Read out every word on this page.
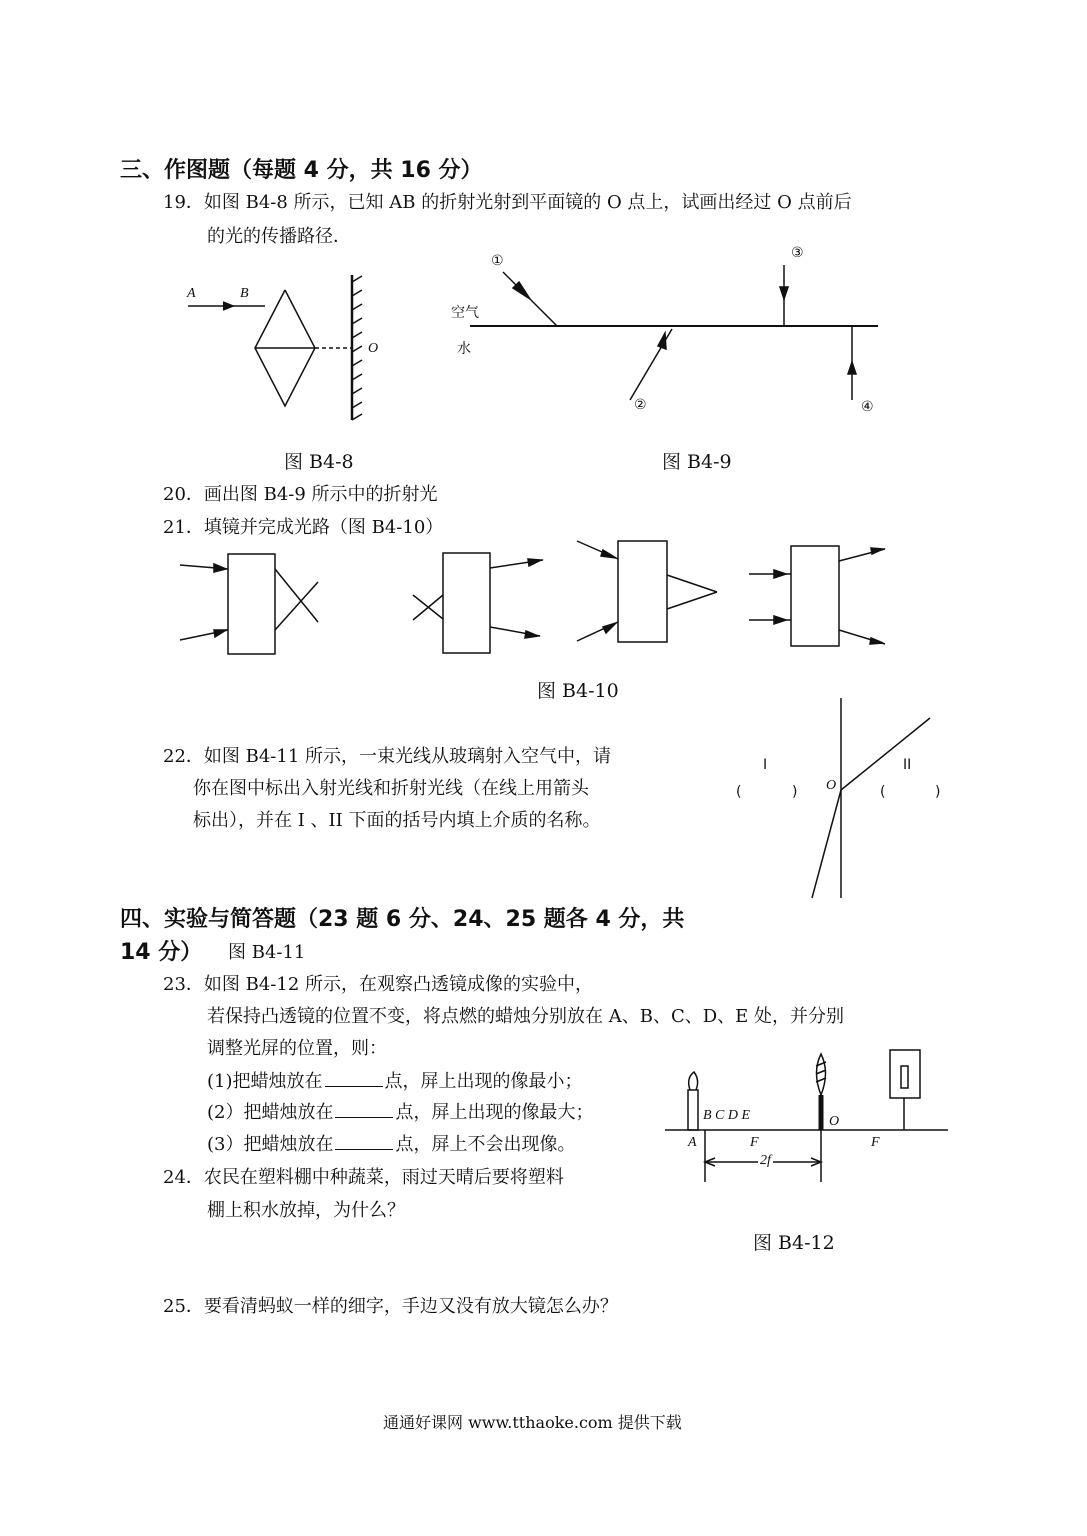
三、作图题（每题 4 分，共 16 分）
19．如图 B4-8 所示，已知 AB 的折射光射到平面镜的 O 点上，试画出经过 O 点前后
的光的传播路径．
A	B
O
图 B4-8
①
②
③
④
空气
水
图 B4-9
20．画出图 B4-9 所示中的折射光
21．填镜并完成光路（图 B4-10）
图 B4-10
22．如图 B4-11 所示，一束光线从玻璃射入空气中，请
你在图中标出入射光线和折射光线（在线上用箭头
标出），并在 I 、II 下面的括号内填上介质的名称。
I	II
O
(	)	(	)
四、实验与简答题（23 题 6 分、24、25 题各 4 分，共
14 分） 图 B4-11
23．如图 B4-12 所示，在观察凸透镜成像的实验中，
若保持凸透镜的位置不变，将点燃的蜡烛分别放在 A、B、C、D、E 处，并分别
调整光屏的位置，则：
(1)把蜡烛放在	点，屏上出现的像最小；
(2）把蜡烛放在	点，屏上出现的像最大；
(3）把蜡烛放在	点，屏上不会出现像。
24．农民在塑料棚中种蔬菜，雨过天晴后要将塑料
棚上积水放掉，为什么？
B C D E
A	F
O
F
2f
图 B4-12
25．要看清蚂蚁一样的细字，手边又没有放大镜怎么办？
通通好课网 www.tthaoke.com 提供下载
